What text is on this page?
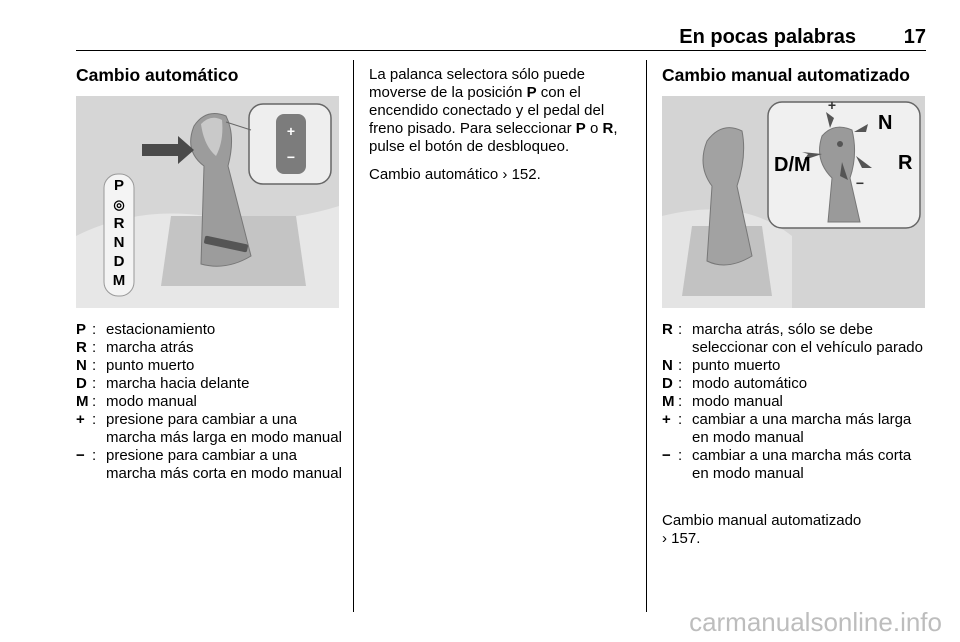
En pocas palabras 17
Cambio automático
+
−
P
◎
R
N
D
M
P : estacionamiento
R : marcha atrás
N : punto muerto
D : marcha hacia delante
M : modo manual
+ : presione para cambiar a una marcha más larga en modo manual
− : presione para cambiar a una marcha más corta en modo manual

La palanca selectora sólo puede moverse de la posición P con el encendido conectado y el pedal del freno pisado. Para seleccionar P o R, pulse el botón de desbloqueo.

Cambio automático › 152.

Cambio manual automatizado
+
−
N
D/M	R
R : marcha atrás, sólo se debe seleccionar con el vehículo parado
N : punto muerto
D : modo automático
M : modo manual
+ : cambiar a una marcha más larga en modo manual
− : cambiar a una marcha más corta en modo manual

Cambio manual automatizado

› 157.

carmanualsonline.info
